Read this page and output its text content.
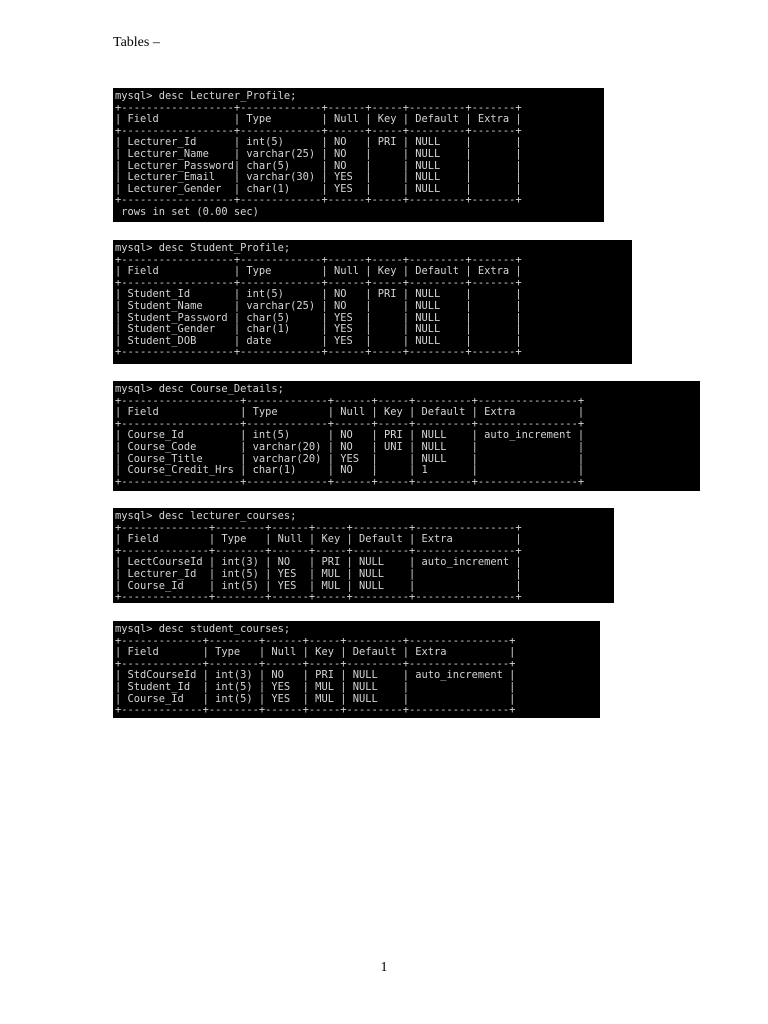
Tables –
mysql> desc Lecturer_Profile;
+------------------+-------------+------+-----+---------+-------+
| Field            | Type        | Null | Key | Default | Extra |
+------------------+-------------+------+-----+---------+-------+
| Lecturer_Id      | int(5)      | NO   | PRI | NULL    |       |
| Lecturer_Name    | varchar(25) | NO   |     | NULL    |       |
| Lecturer_Password| char(5)     | NO   |     | NULL    |       |
| Lecturer_Email   | varchar(30) | YES  |     | NULL    |       |
| Lecturer_Gender  | char(1)     | YES  |     | NULL    |       |
+------------------+-------------+------+-----+---------+-------+
rows in set (0.00 sec)
mysql> desc Student_Profile;
+------------------+-------------+------+-----+---------+-------+
| Field            | Type        | Null | Key | Default | Extra |
+------------------+-------------+------+-----+---------+-------+
| Student_Id       | int(5)      | NO   | PRI | NULL    |       |
| Student_Name     | varchar(25) | NO   |     | NULL    |       |
| Student_Password | char(5)     | YES  |     | NULL    |       |
| Student_Gender   | char(1)     | YES  |     | NULL    |       |
| Student_DOB      | date        | YES  |     | NULL    |       |
+------------------+-------------+------+-----+---------+-------+
mysql> desc Course_Details;
+-------------------+-------------+------+-----+---------+----------------+
| Field             | Type        | Null | Key | Default | Extra          |
+-------------------+-------------+------+-----+---------+----------------+
| Course_Id         | int(5)      | NO   | PRI | NULL    | auto_increment |
| Course_Code       | varchar(20) | NO   | UNI | NULL    |                |
| Course_Title      | varchar(20) | YES  |     | NULL    |                |
| Course_Credit_Hrs | char(1)     | NO   |     | 1       |                |
+-------------------+-------------+------+-----+---------+----------------+
mysql> desc lecturer_courses;
+--------------+--------+------+-----+---------+----------------+
| Field        | Type   | Null | Key | Default | Extra          |
+--------------+--------+------+-----+---------+----------------+
| LectCourseId | int(3) | NO   | PRI | NULL    | auto_increment |
| Lecturer_Id  | int(5) | YES  | MUL | NULL    |                |
| Course_Id    | int(5) | YES  | MUL | NULL    |                |
+--------------+--------+------+-----+---------+----------------+
mysql> desc student_courses;
+-------------+--------+------+-----+---------+----------------+
| Field       | Type   | Null | Key | Default | Extra          |
+-------------+--------+------+-----+---------+----------------+
| StdCourseId | int(3) | NO   | PRI | NULL    | auto_increment |
| Student_Id  | int(5) | YES  | MUL | NULL    |                |
| Course_Id   | int(5) | YES  | MUL | NULL    |                |
+-------------+--------+------+-----+---------+----------------+
1
